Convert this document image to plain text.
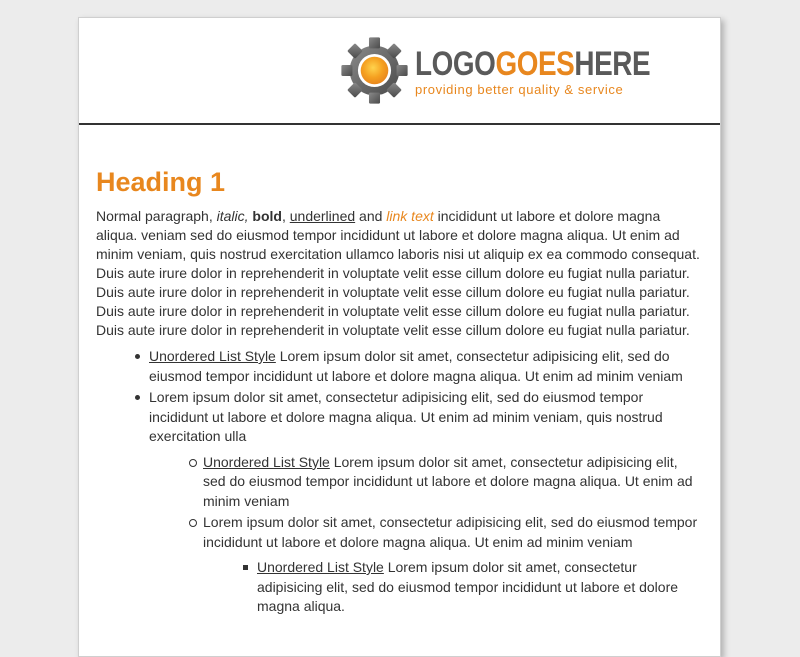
LOGOGOESHERE
providing better quality & service
Heading 1

Normal paragraph, italic, bold, underlined and link text incididunt ut labore et dolore magna aliqua. veniam sed do eiusmod tempor incididunt ut labore et dolore magna aliqua. Ut enim ad minim veniam, quis nostrud exercitation ullamco laboris nisi ut aliquip ex ea commodo consequat. Duis aute irure dolor in reprehenderit in voluptate velit esse cillum dolore eu fugiat nulla pariatur. Duis aute irure dolor in reprehenderit in voluptate velit esse cillum dolore eu fugiat nulla pariatur. Duis aute irure dolor in reprehenderit in voluptate velit esse cillum dolore eu fugiat nulla pariatur. Duis aute irure dolor in reprehenderit in voluptate velit esse cillum dolore eu fugiat nulla pariatur.

Unordered List Style Lorem ipsum dolor sit amet, consectetur adipisicing elit, sed do eiusmod tempor incididunt ut labore et dolore magna aliqua. Ut enim ad minim veniam
Lorem ipsum dolor sit amet, consectetur adipisicing elit, sed do eiusmod tempor incididunt ut labore et dolore magna aliqua. Ut enim ad minim veniam, quis nostrud exercitation ulla
Unordered List Style Lorem ipsum dolor sit amet, consectetur adipisicing elit, sed do eiusmod tempor incididunt ut labore et dolore magna aliqua. Ut enim ad minim veniam
Lorem ipsum dolor sit amet, consectetur adipisicing elit, sed do eiusmod tempor incididunt ut labore et dolore magna aliqua. Ut enim ad minim veniam
Unordered List Style Lorem ipsum dolor sit amet, consectetur adipisicing elit, sed do eiusmod tempor incididunt ut labore et dolore magna aliqua.
